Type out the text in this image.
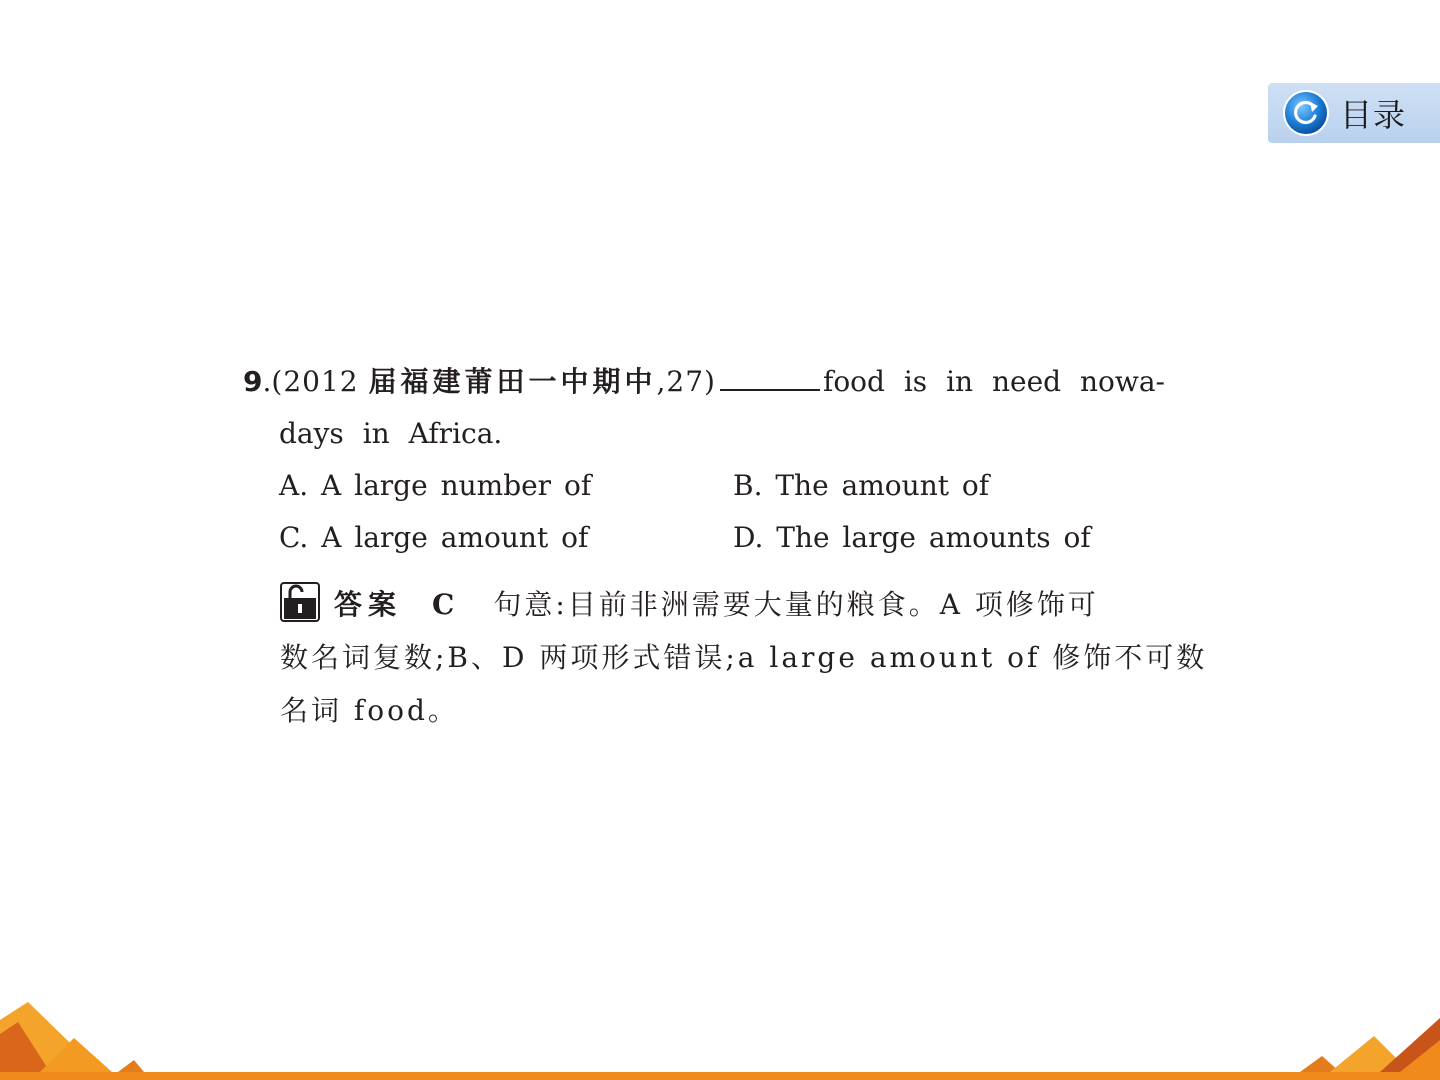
目录
9.(2012 届福建莆田一中期中,27)	food is in need nowa-
days in Africa.
A. A large number of	B. The amount of
C. A large amount of	D. The large amounts of
答案 C 句意:目前非洲需要大量的粮食。A 项修饰可
数名词复数;B、D 两项形式错误;a large amount of 修饰不可数
名词 food。
